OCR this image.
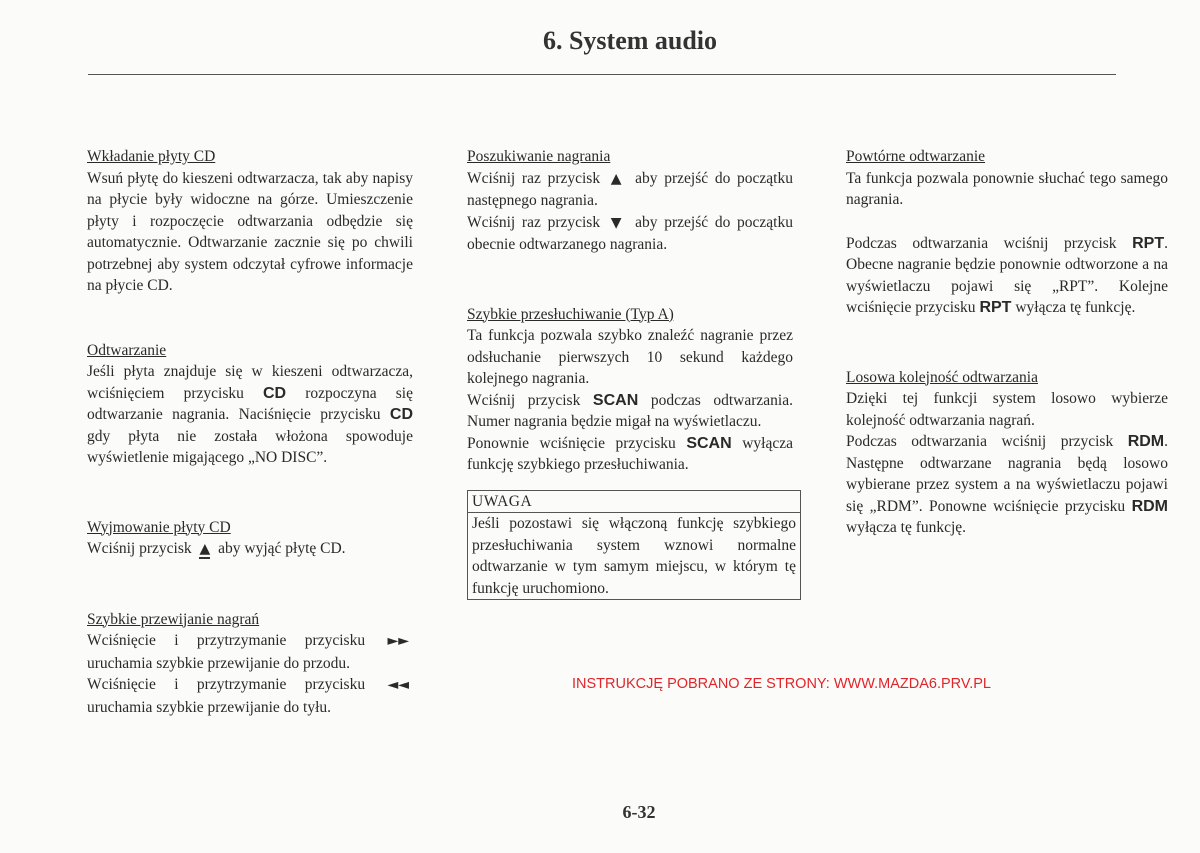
6. System audio
Wkładanie płyty CD
Wsuń płytę do kieszeni odtwarzacza, tak aby napisy na płycie były widoczne na górze. Umieszczenie płyty i rozpoczęcie odtwarzania odbędzie się automatycznie. Odtwarzanie zacznie się po chwili potrzebnej aby system odczytał cyfrowe informacje na płycie CD.
Odtwarzanie
Jeśli płyta znajduje się w kieszeni odtwarzacza, wciśnięciem przycisku CD rozpoczyna się odtwarzanie nagrania. Naciśnięcie przycisku CD gdy płyta nie została włożona spowoduje wyświetlenie migającego „NO DISC”.
Wyjmowanie płyty CD
Wciśnij przycisk ▲ aby wyjąć płytę CD.
Szybkie przewijanie nagrań
Wciśnięcie i przytrzymanie przycisku ►► uruchamia szybkie przewijanie do przodu.
Wciśnięcie i przytrzymanie przycisku ◄◄ uruchamia szybkie przewijanie do tyłu.
Poszukiwanie nagrania
Wciśnij raz przycisk ▲ aby przejść do początku następnego nagrania.
Wciśnij raz przycisk ▼ aby przejść do początku obecnie odtwarzanego nagrania.
Szybkie przesłuchiwanie (Typ A)
Ta funkcja pozwala szybko znaleźć nagranie przez odsłuchanie pierwszych 10 sekund każdego kolejnego nagrania.
Wciśnij przycisk SCAN podczas odtwarzania. Numer nagrania będzie migał na wyświetlaczu.
Ponownie wciśnięcie przycisku SCAN wyłącza funkcję szybkiego przesłuchiwania.
UWAGA
Jeśli pozostawi się włączoną funkcję szybkiego przesłuchiwania system wznowi normalne odtwarzanie w tym samym miejscu, w którym tę funkcję uruchomiono.
Powtórne odtwarzanie
Ta funkcja pozwala ponownie słuchać tego samego nagrania.
Podczas odtwarzania wciśnij przycisk RPT. Obecne nagranie będzie ponownie odtworzone a na wyświetlaczu pojawi się „RPT”. Kolejne wciśnięcie przycisku RPT wyłącza tę funkcję.
Losowa kolejność odtwarzania
Dzięki tej funkcji system losowo wybierze kolejność odtwarzania nagrań.
Podczas odtwarzania wciśnij przycisk RDM. Następne odtwarzane nagrania będą losowo wybierane przez system a na wyświetlaczu pojawi się „RDM”. Ponowne wciśnięcie przycisku RDM wyłącza tę funkcję.
INSTRUKCJĘ POBRANO ZE STRONY: WWW.MAZDA6.PRV.PL
6-32
